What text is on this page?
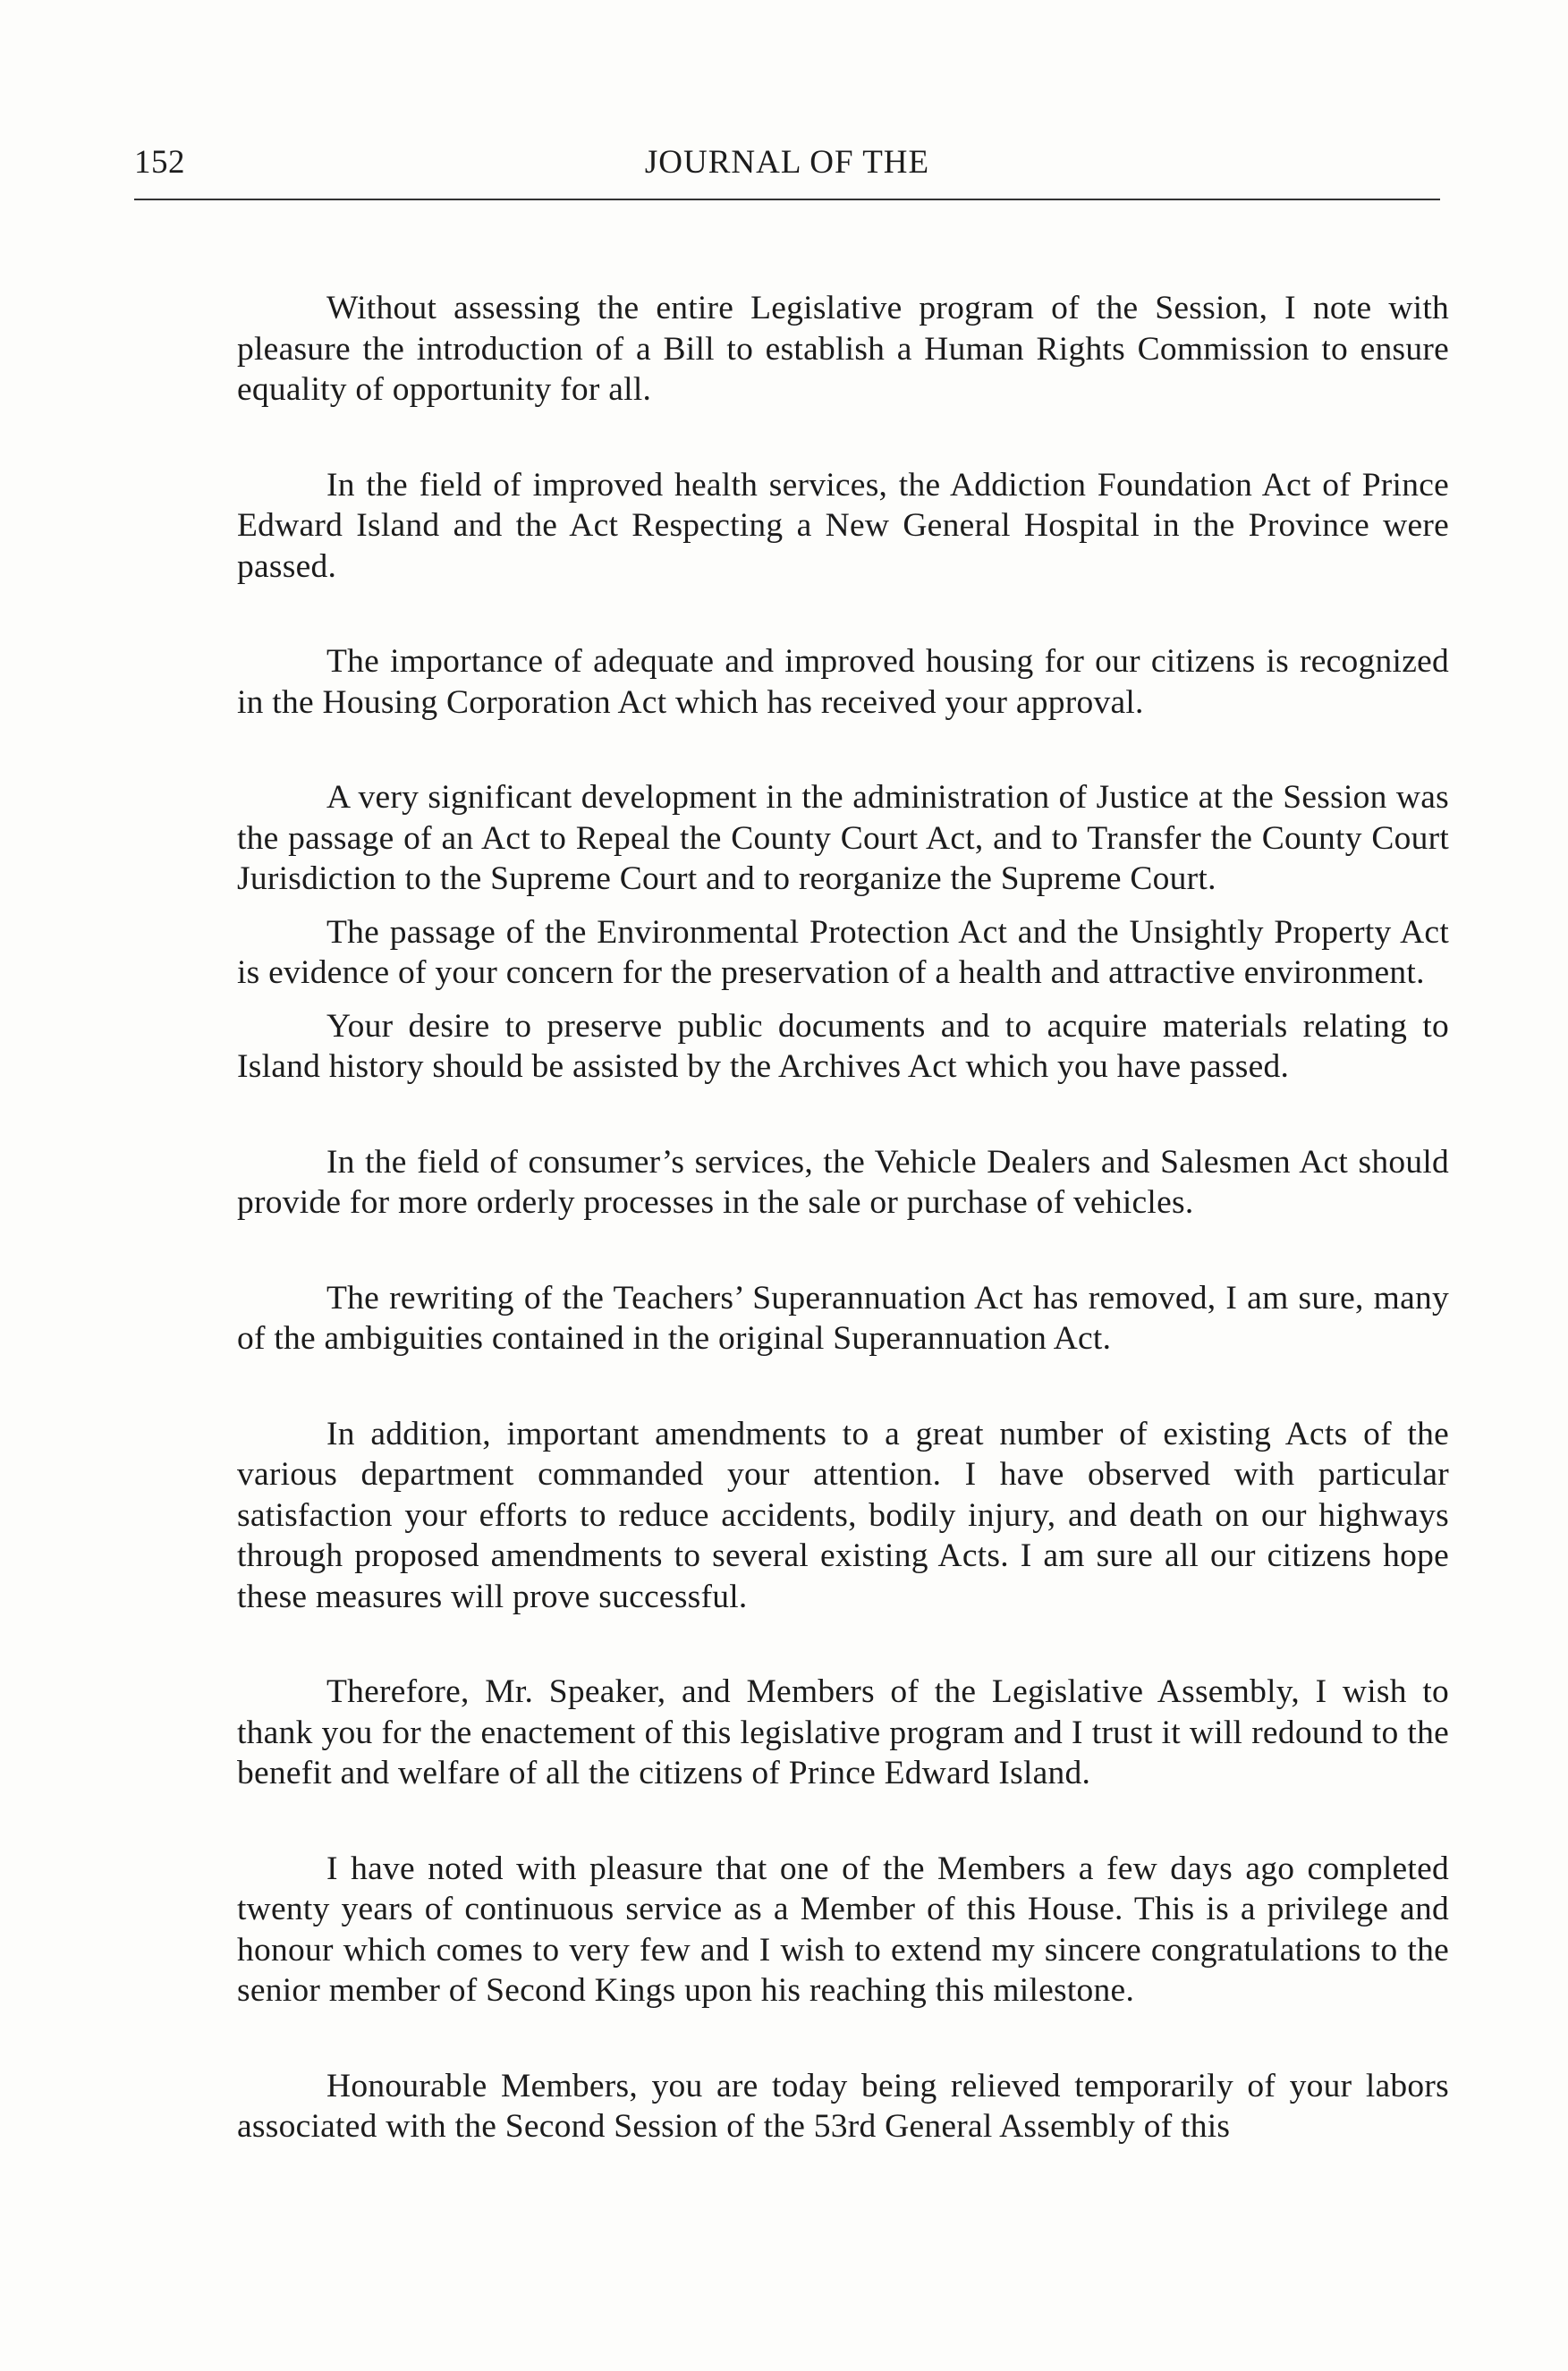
152	JOURNAL OF THE

Without assessing the entire Legislative program of the Session, I note with pleasure the introduction of a Bill to establish a Human Rights Commission to ensure equality of opportunity for all.

In the field of improved health services, the Addiction Foundation Act of Prince Edward Island and the Act Respecting a New General Hospital in the Province were passed.

The importance of adequate and improved housing for our citizens is recognized in the Housing Corporation Act which has received your approval.

A very significant development in the administration of Justice at the Session was the passage of an Act to Repeal the County Court Act, and to Transfer the County Court Jurisdiction to the Supreme Court and to reorganize the Supreme Court.

The passage of the Environmental Protection Act and the Unsightly Property Act is evidence of your concern for the preservation of a health and attractive environment.

Your desire to preserve public documents and to acquire materials relating to Island history should be assisted by the Archives Act which you have passed.

In the field of consumer’s services, the Vehicle Dealers and Salesmen Act should provide for more orderly processes in the sale or purchase of vehicles.

The rewriting of the Teachers’ Superannuation Act has removed, I am sure, many of the ambiguities contained in the original Superannuation Act.

In addition, important amendments to a great number of existing Acts of the various department commanded your attention. I have observed with particular satisfaction your efforts to reduce accidents, bodily injury, and death on our highways through proposed amendments to several existing Acts. I am sure all our citizens hope these measures will prove successful.

Therefore, Mr. Speaker, and Members of the Legislative Assembly, I wish to thank you for the enactement of this legislative program and I trust it will redound to the benefit and welfare of all the citizens of Prince Edward Island.

I have noted with pleasure that one of the Members a few days ago completed twenty years of continuous service as a Member of this House. This is a privilege and honour which comes to very few and I wish to extend my sincere congratulations to the senior member of Second Kings upon his reaching this milestone.

Honourable Members, you are today being relieved temporarily of your labors associated with the Second Session of the 53rd General Assembly of this
